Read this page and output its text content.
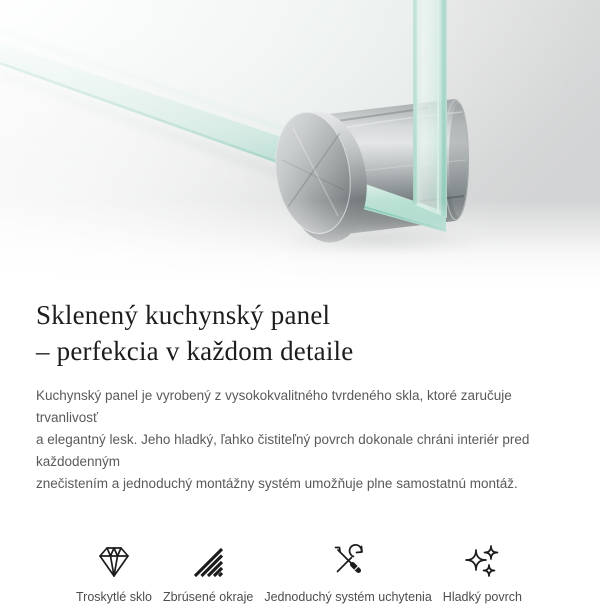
Sklenený kuchynský panel
– perfekcia v každom detaile
Kuchynský panel je vyrobený z vysokokvalitného tvrdeného skla, ktoré zaručuje trvanlivosť
a elegantný lesk. Jeho hladký, ľahko čistiteľný povrch dokonale chráni interiér pred každodenným
znečistením a jednoduchý montážny systém umožňuje plne samostatnú montáž.
Troskytlé sklo Zbrúsené okraje Jednoduchý systém uchytenia Hladký povrch
